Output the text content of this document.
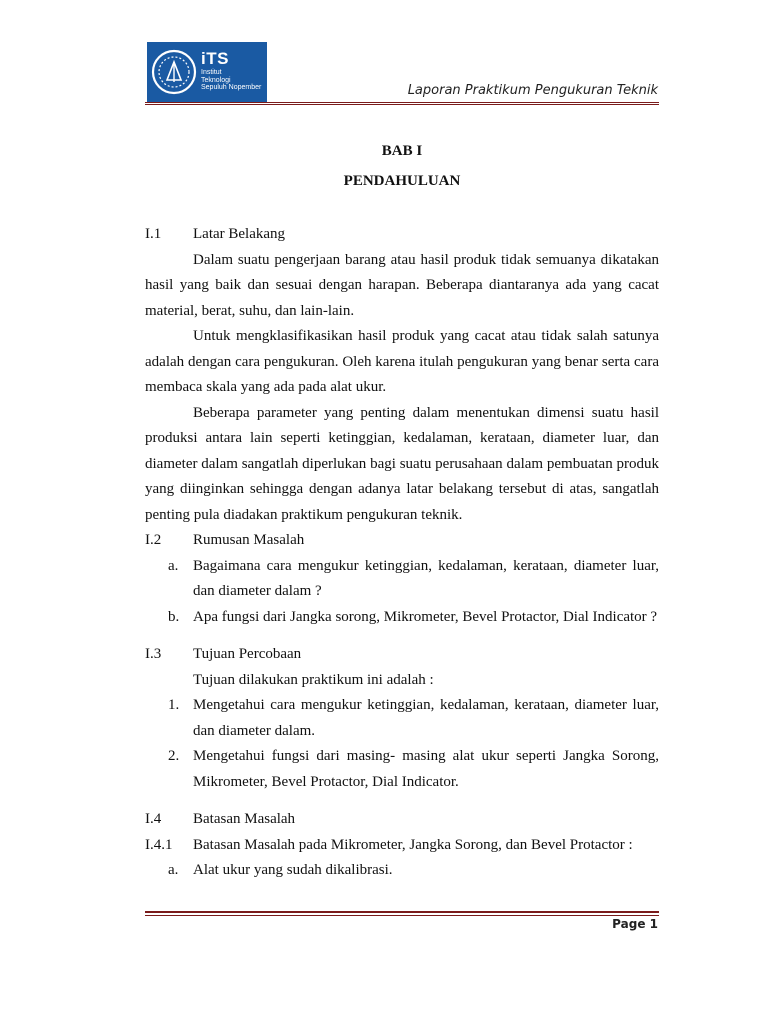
iTS
Institut
Teknologi
Sepuluh Nopember	Laporan Praktikum Pengukuran Teknik
BAB I
PENDAHULUAN
I.1	Latar Belakang

Dalam suatu pengerjaan barang atau hasil produk tidak semuanya dikatakan hasil yang baik dan sesuai dengan harapan. Beberapa diantaranya ada yang cacat material, berat, suhu, dan lain-lain.

Untuk mengklasifikasikan hasil produk yang cacat atau tidak salah satunya adalah dengan cara pengukuran. Oleh karena itulah pengukuran yang benar serta cara membaca skala yang ada pada alat ukur.

Beberapa parameter yang penting dalam menentukan dimensi suatu hasil produksi antara lain seperti ketinggian, kedalaman, kerataan, diameter luar, dan diameter dalam sangatlah diperlukan bagi suatu perusahaan dalam pembuatan produk yang diinginkan sehingga dengan adanya latar belakang tersebut di atas, sangatlah penting pula diadakan praktikum pengukuran teknik.

I.2	Rumusan Masalah
a. Bagaimana cara mengukur ketinggian, kedalaman, kerataan, diameter luar, dan diameter dalam ?
b. Apa fungsi dari Jangka sorong, Mikrometer, Bevel Protactor, Dial Indicator ?
I.3	Tujuan Percobaan
Tujuan dilakukan praktikum ini adalah :
1. Mengetahui cara mengukur ketinggian, kedalaman, kerataan, diameter luar, dan diameter dalam.
2. Mengetahui fungsi dari masing- masing alat ukur seperti Jangka Sorong, Mikrometer, Bevel Protactor, Dial Indicator.
I.4	Batasan Masalah
I.4.1	Batasan Masalah pada Mikrometer, Jangka Sorong, dan Bevel Protactor :
a. Alat ukur yang sudah dikalibrasi.
Page 1
